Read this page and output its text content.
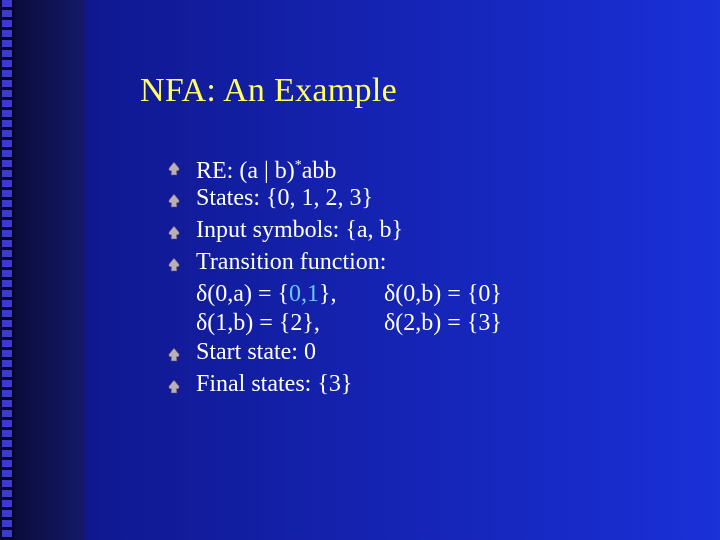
NFA: An Example
RE: (a | b)*abb
States: {0, 1, 2, 3}
Input symbols: {a, b}
Transition function:
δ(0,a) = {0,1}, δ(0,b) = {0}
δ(1,b) = {2},	δ(2,b) = {3}
Start state: 0
Final states: {3}
